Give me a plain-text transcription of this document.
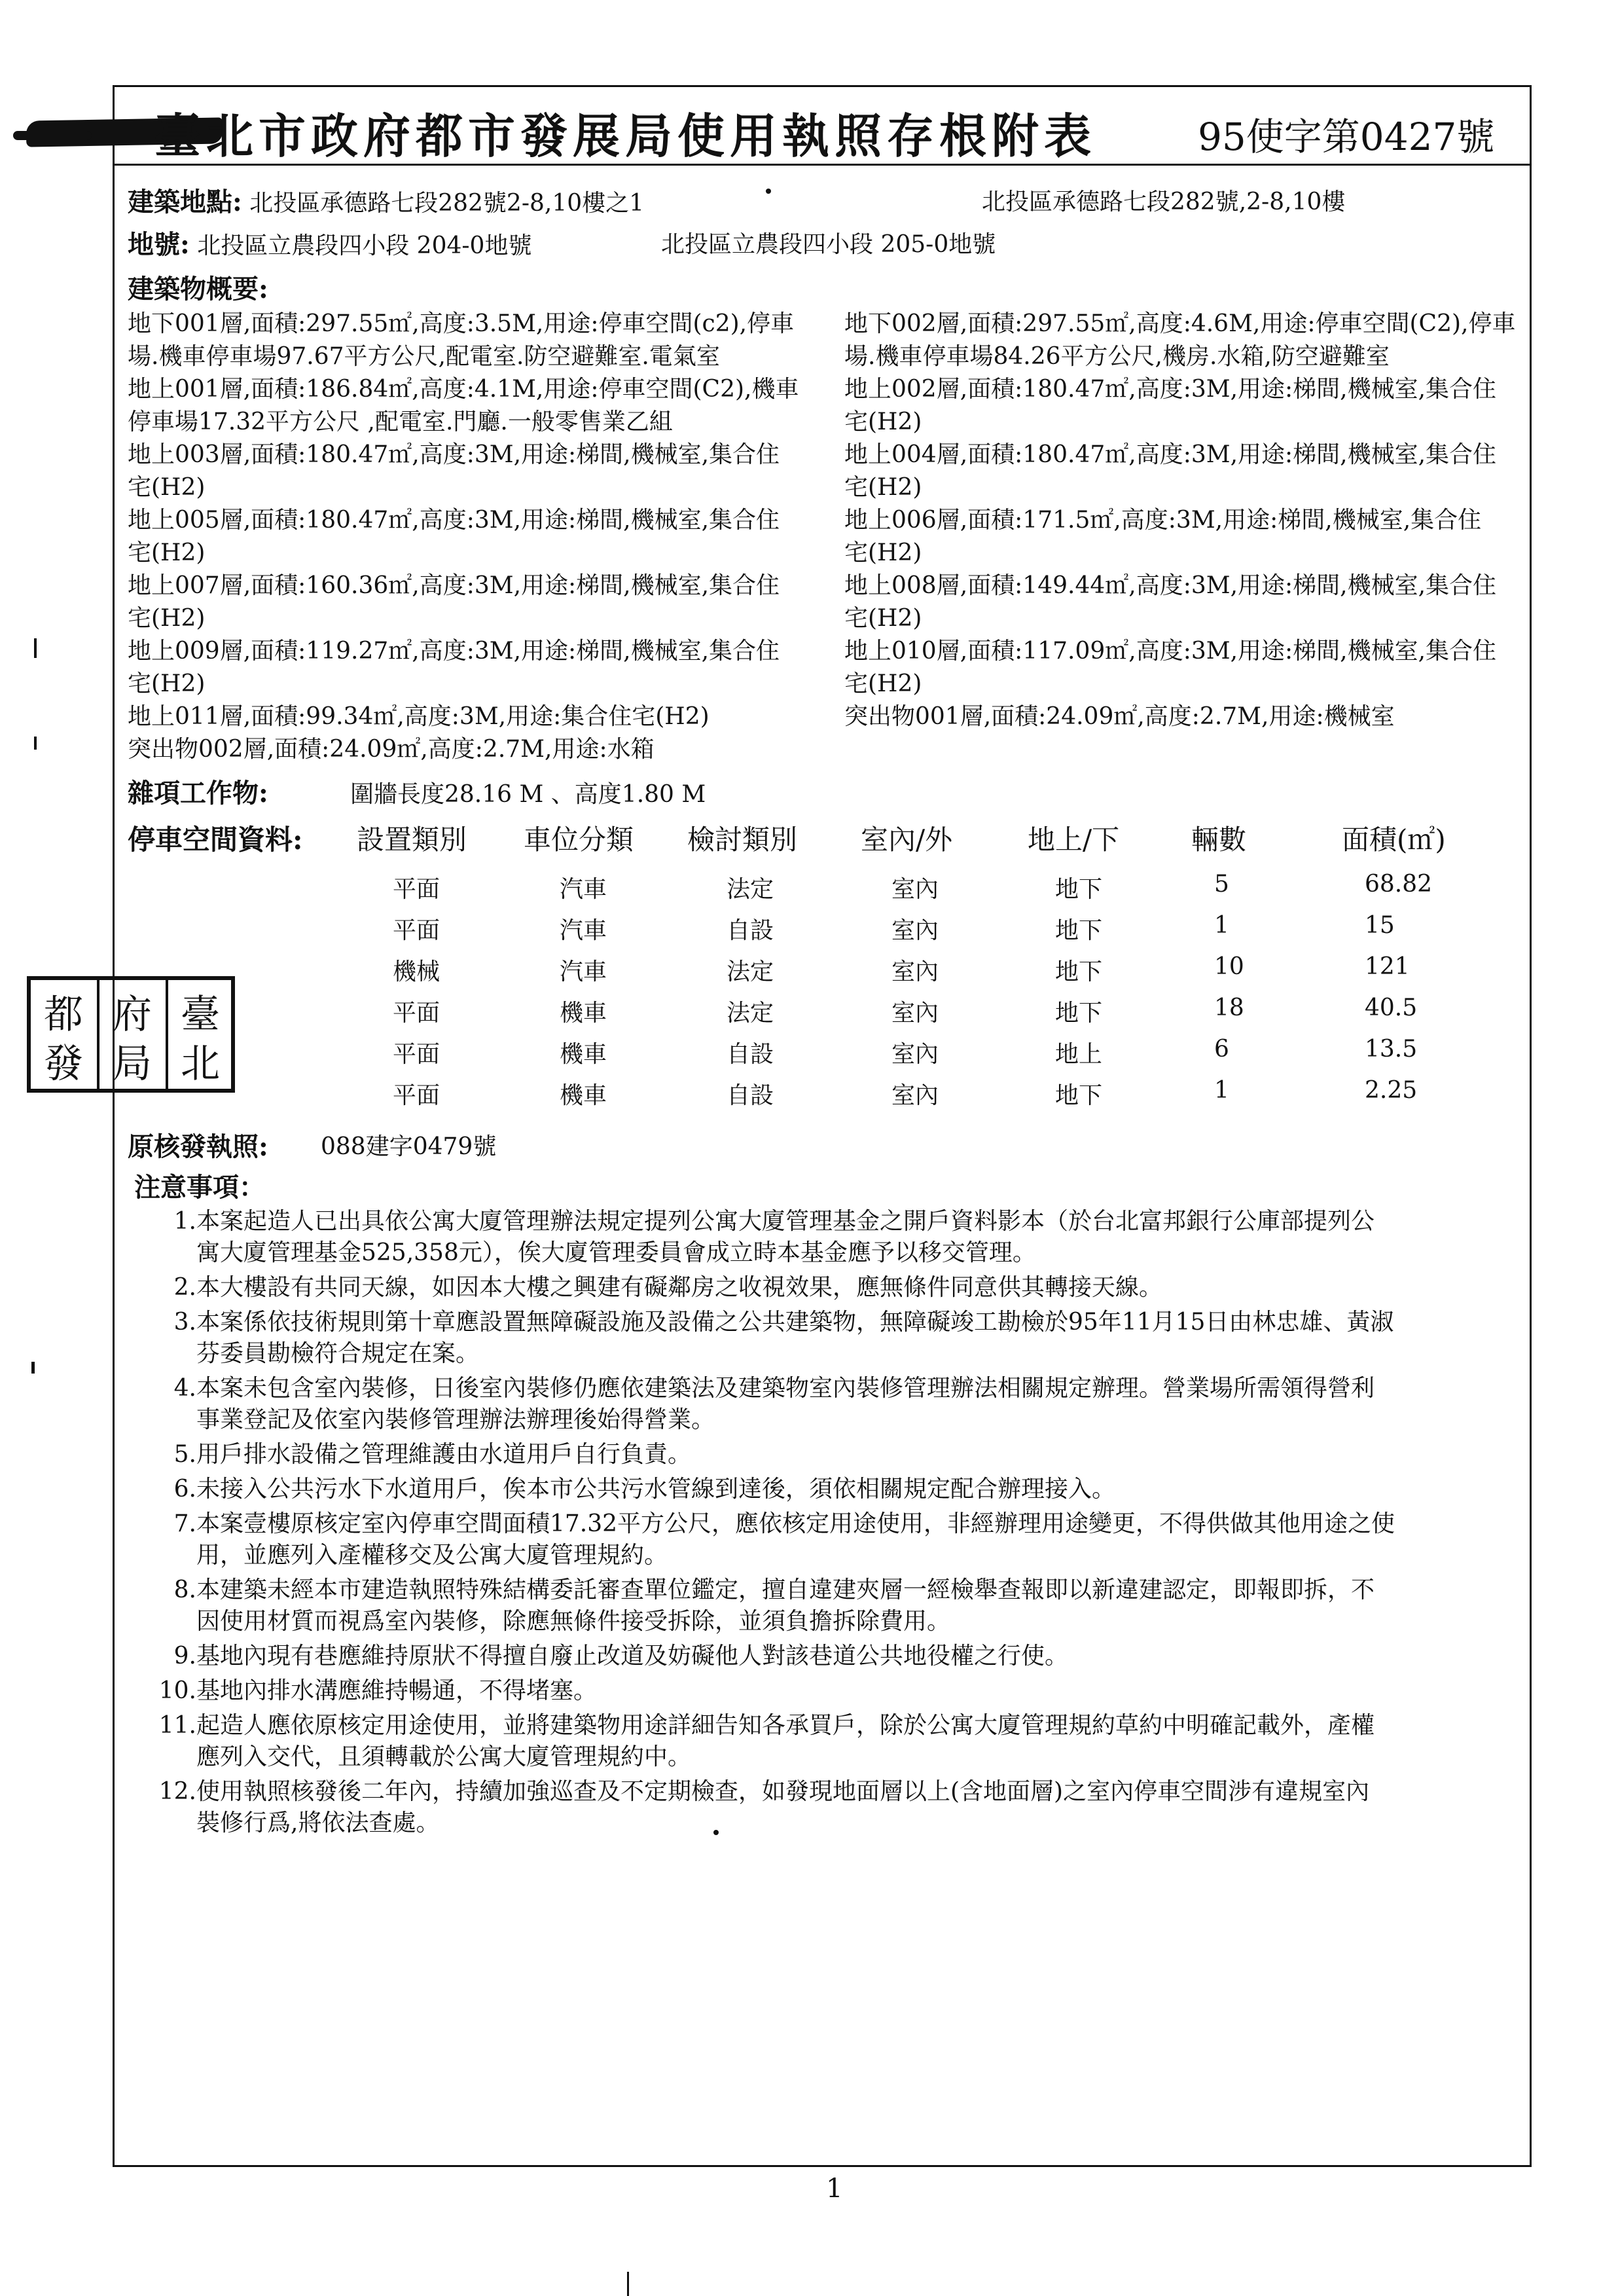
臺北市政府都市發展局使用執照存根附表	95使字第0427號
建築地點: 北投區承德路七段282號2-8,10樓之1	北投區承德路七段282號,2-8,10樓
地號: 北投區立農段四小段 204-0地號	北投區立農段四小段 205-0地號
建築物概要:
地下001層,面積:297.55㎡,高度:3.5M,用途:停車空間(c2),停車
場.機車停車場97.67平方公尺,配電室.防空避難室.電氣室
地上001層,面積:186.84㎡,高度:4.1M,用途:停車空間(C2),機車
停車場17.32平方公尺 ,配電室.門廳.一般零售業乙組
地上003層,面積:180.47㎡,高度:3M,用途:梯間,機械室,集合住
宅(H2)
地上005層,面積:180.47㎡,高度:3M,用途:梯間,機械室,集合住
宅(H2)
地上007層,面積:160.36㎡,高度:3M,用途:梯間,機械室,集合住
宅(H2)
地上009層,面積:119.27㎡,高度:3M,用途:梯間,機械室,集合住
宅(H2)
地上011層,面積:99.34㎡,高度:3M,用途:集合住宅(H2)
突出物002層,面積:24.09㎡,高度:2.7M,用途:水箱
地下002層,面積:297.55㎡,高度:4.6M,用途:停車空間(C2),停車
場.機車停車場84.26平方公尺,機房.水箱,防空避難室
地上002層,面積:180.47㎡,高度:3M,用途:梯間,機械室,集合住
宅(H2)
地上004層,面積:180.47㎡,高度:3M,用途:梯間,機械室,集合住
宅(H2)
地上006層,面積:171.5㎡,高度:3M,用途:梯間,機械室,集合住
宅(H2)
地上008層,面積:149.44㎡,高度:3M,用途:梯間,機械室,集合住
宅(H2)
地上010層,面積:117.09㎡,高度:3M,用途:梯間,機械室,集合住
宅(H2)
突出物001層,面積:24.09㎡,高度:2.7M,用途:機械室
雜項工作物:	圍牆長度28.16 M 、高度1.80 M
停車空間資料: 設置類別 車位分類 檢討類別 室內/外	地上/下	輛數	面積(㎡)
平面	汽車	法定	室內	地下	5	68.82
平面	汽車	自設	室內	地下	1	15
機械	汽車	法定	室內	地下	10	121
平面	機車	法定	室內	地下	18	40.5
平面	機車	自設	室內	地上	6	13.5
平面	機車	自設	室內	地下	1	2.25
都
發
府
局
臺
北
原核發執照: 088建字0479號
注意事項：
1. 本案起造人已出具依公寓大廈管理辦法規定提列公寓大廈管理基金之開戶資料影本（於台北富邦銀行公庫部提列公
寓大廈管理基金525,358元），俟大廈管理委員會成立時本基金應予以移交管理。
2. 本大樓設有共同天線，如因本大樓之興建有礙鄰房之收視效果，應無條件同意供其轉接天線。
3. 本案係依技術規則第十章應設置無障礙設施及設備之公共建築物，無障礙竣工勘檢於95年11月15日由林忠雄、黃淑
芬委員勘檢符合規定在案。
4. 本案未包含室內裝修，日後室內裝修仍應依建築法及建築物室內裝修管理辦法相關規定辦理。營業場所需領得營利
事業登記及依室內裝修管理辦法辦理後始得營業。
5. 用戶排水設備之管理維護由水道用戶自行負責。
6. 未接入公共污水下水道用戶，俟本市公共污水管線到達後，須依相關規定配合辦理接入。
7. 本案壹樓原核定室內停車空間面積17.32平方公尺，應依核定用途使用，非經辦理用途變更，不得供做其他用途之使
用，並應列入產權移交及公寓大廈管理規約。
8. 本建築未經本市建造執照特殊結構委託審查單位鑑定，擅自違建夾層一經檢舉查報即以新違建認定，即報即拆，不
因使用材質而視爲室內裝修，除應無條件接受拆除，並須負擔拆除費用。
9. 基地內現有巷應維持原狀不得擅自廢止改道及妨礙他人對該巷道公共地役權之行使。
10. 基地內排水溝應維持暢通，不得堵塞。
11. 起造人應依原核定用途使用，並將建築物用途詳細告知各承買戶，除於公寓大廈管理規約草約中明確記載外，產權
應列入交代，且須轉載於公寓大廈管理規約中。
12. 使用執照核發後二年內，持續加強巡查及不定期檢查，如發現地面層以上(含地面層)之室內停車空間涉有違規室內
裝修行爲,將依法查處。
1
